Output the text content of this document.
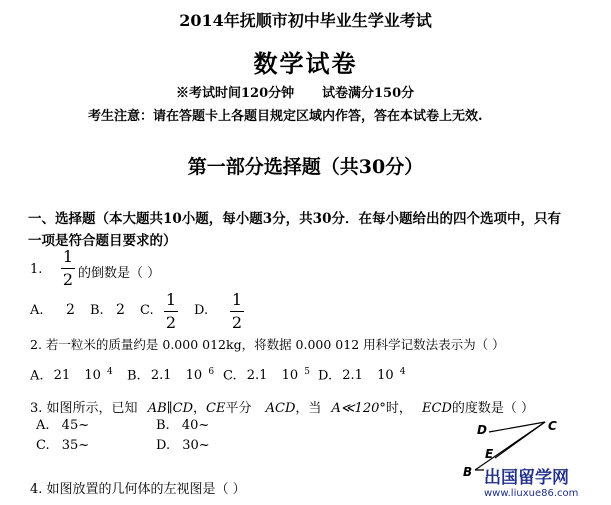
2014年抚顺市初中毕业生学业考试
数学试卷
※考试时间120分钟 试卷满分150分
考生注意：请在答题卡上各题目规定区域内作答，答在本试卷上无效.
第一部分选择题（共30分）
一、选择题（本大题共10小题，每小题3分，共30分．在每小题给出的四个选项中，只有
一项是符合题目要求的）
1.
1
2 的倒数是（ ）
A. 2 B. 2 C.
1
2
D.
1
2
2. 若一粒米的质量约是 0.000 012kg，将数据 0.000 012 用科学记数法表示为（ ）
A. 21 10 $^4$ B. 2.1 10 $^6$ C. 2.1 10 $^5$ D. 2.1 10 $^4$
3. 如图所示，已知 AB∥CD，CE平分 ACD，当 A≪120°时， ECD的度数是（ ）
A. 45~	B. 40~
C. 35~	D. 30~
D	C
E
B
4. 如图放置的几何体的左视图是（ ）
出国留学网
www.liuxue86.com
